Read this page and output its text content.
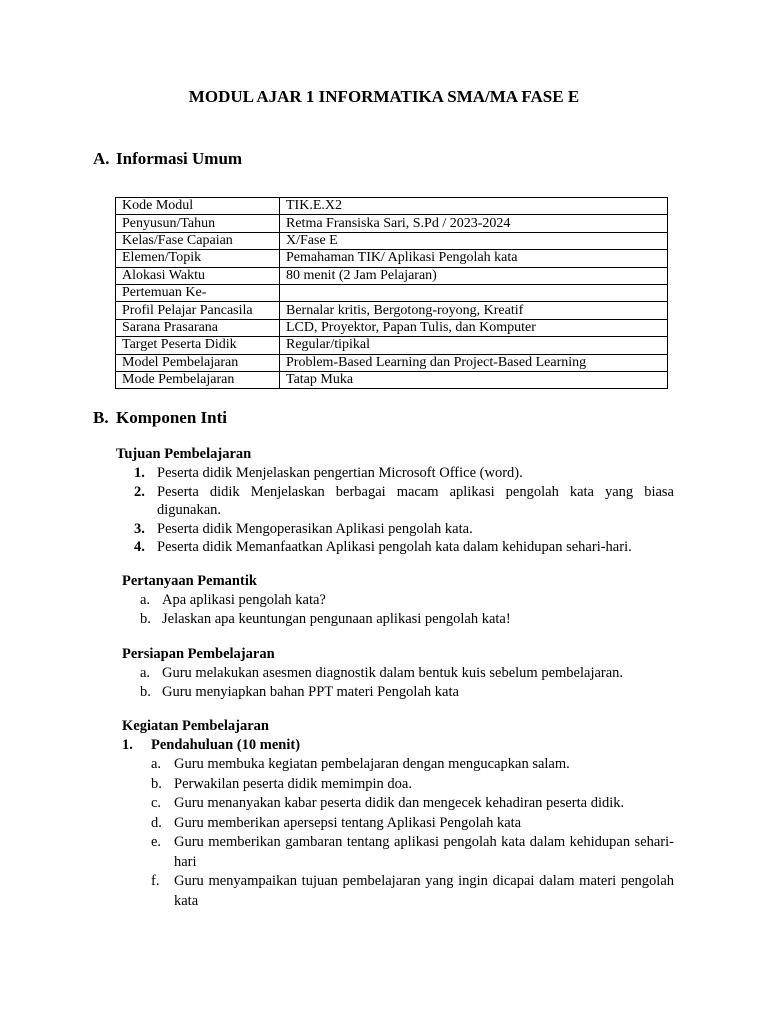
MODUL AJAR 1 INFORMATIKA SMA/MA FASE E
A. Informasi Umum
Kode Modul	TIK.E.X2
Penyusun/Tahun	Retma Fransiska Sari, S.Pd / 2023-2024
Kelas/Fase Capaian	X/Fase E
Elemen/Topik	Pemahaman TIK/ Aplikasi Pengolah kata
Alokasi Waktu	80 menit (2 Jam Pelajaran)
Pertemuan Ke-	
Profil Pelajar Pancasila	Bernalar kritis, Bergotong-royong, Kreatif
Sarana Prasarana	LCD, Proyektor, Papan Tulis, dan Komputer
Target Peserta Didik	Regular/tipikal
Model Pembelajaran	Problem-Based Learning dan Project-Based Learning
Mode Pembelajaran	Tatap Muka
B. Komponen Inti
Tujuan Pembelajaran
1. Peserta didik Menjelaskan pengertian Microsoft Office (word).
2. Peserta didik Menjelaskan berbagai macam aplikasi pengolah kata yang biasa digunakan.
3. Peserta didik Mengoperasikan Aplikasi pengolah kata.
4. Peserta didik Memanfaatkan Aplikasi pengolah kata dalam kehidupan sehari-hari.
Pertanyaan Pemantik
a. Apa aplikasi pengolah kata?
b. Jelaskan apa keuntungan pengunaan aplikasi pengolah kata!
Persiapan Pembelajaran
a. Guru melakukan asesmen diagnostik dalam bentuk kuis sebelum pembelajaran.
b. Guru menyiapkan bahan PPT materi Pengolah kata
Kegiatan Pembelajaran
1. Pendahuluan (10 menit)
a. Guru membuka kegiatan pembelajaran dengan mengucapkan salam.
b. Perwakilan peserta didik memimpin doa.
c. Guru menanyakan kabar peserta didik dan mengecek kehadiran peserta didik.
d. Guru memberikan apersepsi tentang Aplikasi Pengolah kata
e. Guru memberikan gambaran tentang aplikasi pengolah kata dalam kehidupan sehari-hari
f. Guru menyampaikan tujuan pembelajaran yang ingin dicapai dalam materi pengolah kata
